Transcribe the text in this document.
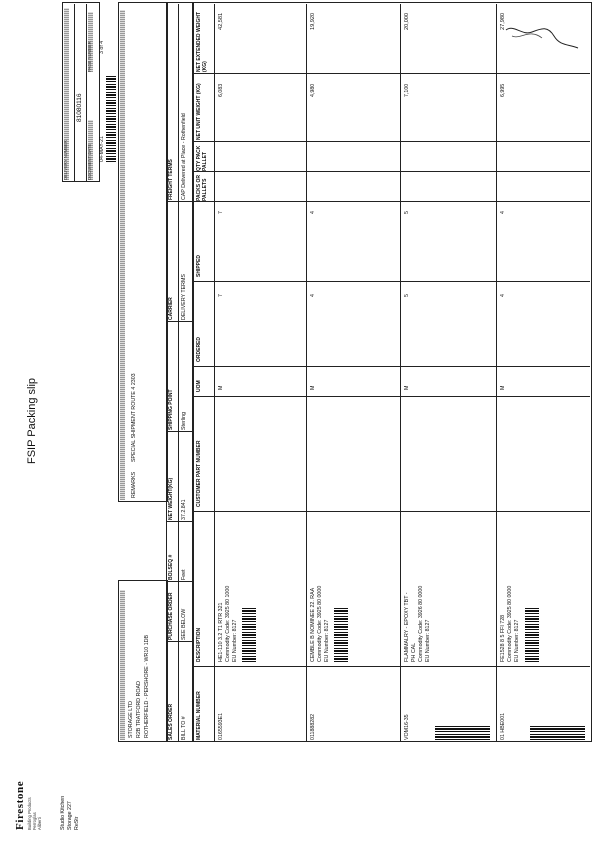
FSIP Packing slip
Firestone Building Products Ferroglas Aliberti	Studio Kitchen Storage 227 ReStr
DELIVERY NUMBER
81080116
DOCUMENT DATE
PAGE NUMBER
04-MAY-21
3 of 4
STORAGE LTD R2B TRATFORD ROAD ROTHERFIELD - PERSHORE - WR10 1DB
REMARKS
SPECIAL SHIPMENT ROUTE 4 2303
SALES ORDER
PURCHASE ORDER
BOLSEQ #
NET WEIGHT(KG)
SHIPPING POINT
CARRIER
FREIGHT TERMS
BILL TO #
SEE BELOW
Feet
37.2.841
Sterling
DELIVERY TERMS
CAP Delivered at Place - Rothenfield
MATERIAL NUMBER
DESCRIPTION
CUSTOMER PART NUMBER
UOM
ORDERED
SHIPPED
PACKS OR PALLETS
QTY PACK PALLET
NET UNIT WEIGHT (KG)
NET EXTENDED WEIGHT (KG)
0165593E1
HE1-110 3.2 T1 RTR 321 Commodity Code: 3925 80 1000 EU Number: 8127
M
7
7
6,083
42,581
011888282
CEMBLE B NOMINEE 22. RAA Commodity Code: 3925 80 0000 EU Number: 8127
M
4
4
4,980
19,920
VOM16-35
FLAMMALRY - EPOXY TBT - PH CAL Commodity Code: 3926 80 0000 EU Number: 8127
M
5
5
7,100
20,000
01 HBE001
FE1528 8 5 FFI 728 Commodity Code: 3925 80 0000 EU Number: 8127
M
4
4
6,995
27,980
